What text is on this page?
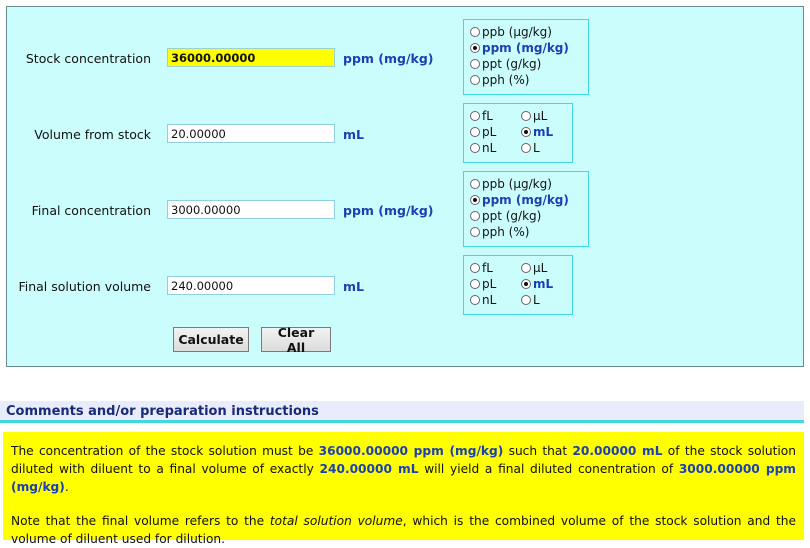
Stock concentration
36000.00000	ppm (mg/kg)
ppb (µg/kg)
ppm (mg/kg)
ppt (g/kg)
pph (%)
Volume from stock
20.00000	mL
fL	µL
pL	mL
nL	L
Final concentration
3000.00000	ppm (mg/kg)
ppb (µg/kg)
ppm (mg/kg)
ppt (g/kg)
pph (%)
Final solution volume
240.00000	mL
fL	µL
pL	mL
nL	L
Calculate	Clear All
Comments and/or preparation instructions

The concentration of the stock solution must be 36000.00000 ppm (mg/kg) such that 20.00000 mL of the stock solution diluted with diluent to a final volume of exactly 240.00000 mL will yield a final diluted conentration of 3000.00000 ppm (mg/kg).

Note that the final volume refers to the total solution volume, which is the combined volume of the stock solution and the volume of diluent used for dilution.
